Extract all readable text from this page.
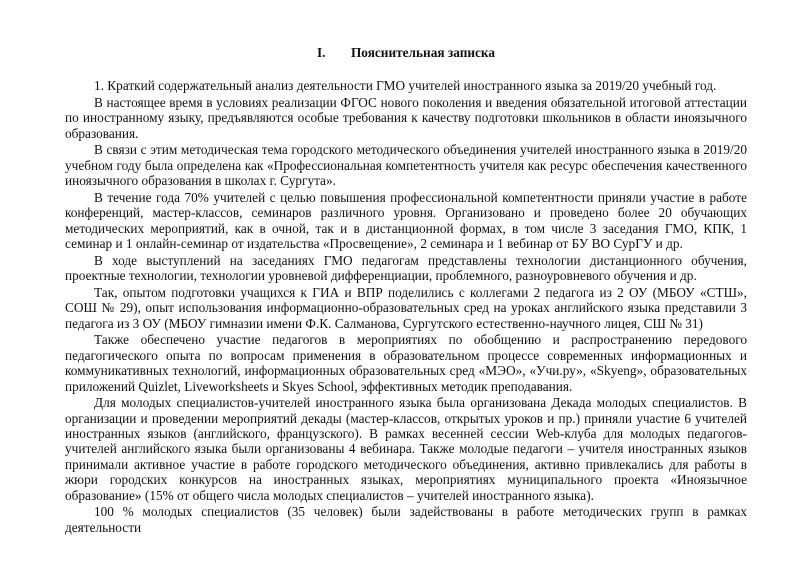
I. Пояснительная записка

1. Краткий содержательный анализ деятельности ГМО учителей иностранного языка за 2019/20 учебный год.

В настоящее время в условиях реализации ФГОС нового поколения и введения обязательной итоговой аттестации по иностранному языку, предъявляются особые требования к качеству подготовки школьников в области иноязычного образования.

В связи с этим методическая тема городского методического объединения учителей иностранного языка в 2019/20 учебном году была определена как «Профессиональная компетентность учителя как ресурс обеспечения качественного иноязычного образования в школах г. Сургута».

В течение года 70% учителей с целью повышения профессиональной компетентности приняли участие в работе конференций, мастер-классов, семинаров различного уровня. Организовано и проведено более 20 обучающих методических мероприятий, как в очной, так и в дистанционной формах, в том числе 3 заседания ГМО, КПК, 1 семинар и 1 онлайн-семинар от издательства «Просвещение», 2 семинара и 1 вебинар от БУ ВО СурГУ и др.

В ходе выступлений на заседаниях ГМО педагогам представлены технологии дистанционного обучения, проектные технологии, технологии уровневой дифференциации, проблемного, разноуровневого обучения и др.

Так, опытом подготовки учащихся к ГИА и ВПР поделились с коллегами 2 педагога из 2 ОУ (МБОУ «СТШ», СОШ № 29), опыт использования информационно-образовательных сред на уроках английского языка представили 3 педагога из 3 ОУ (МБОУ гимназии имени Ф.К. Салманова, Сургутского естественно-научного лицея, СШ № 31)

Также обеспечено участие педагогов в мероприятиях по обобщению и распространению передового педагогического опыта по вопросам применения в образовательном процессе современных информационных и коммуникативных технологий, информационных образовательных сред «МЭО», «Учи.ру», «Skyeng», образовательных приложений Quizlet, Liveworksheets и Skyes School, эффективных методик преподавания.

Для молодых специалистов-учителей иностранного языка была организована Декада молодых специалистов. В организации и проведении мероприятий декады (мастер-классов, открытых уроков и пр.) приняли участие 6 учителей иностранных языков (английского, французского). В рамках весенней сессии Web-клуба для молодых педагогов-учителей английского языка были организованы 4 вебинара. Также молодые педагоги – учителя иностранных языков принимали активное участие в работе городского методического объединения, активно привлекались для работы в жюри городских конкурсов на иностранных языках, мероприятиях муниципального проекта «Иноязычное образование» (15% от общего числа молодых специалистов – учителей иностранного языка).

100 % молодых специалистов (35 человек) были задействованы в работе методических групп в рамках деятельности
